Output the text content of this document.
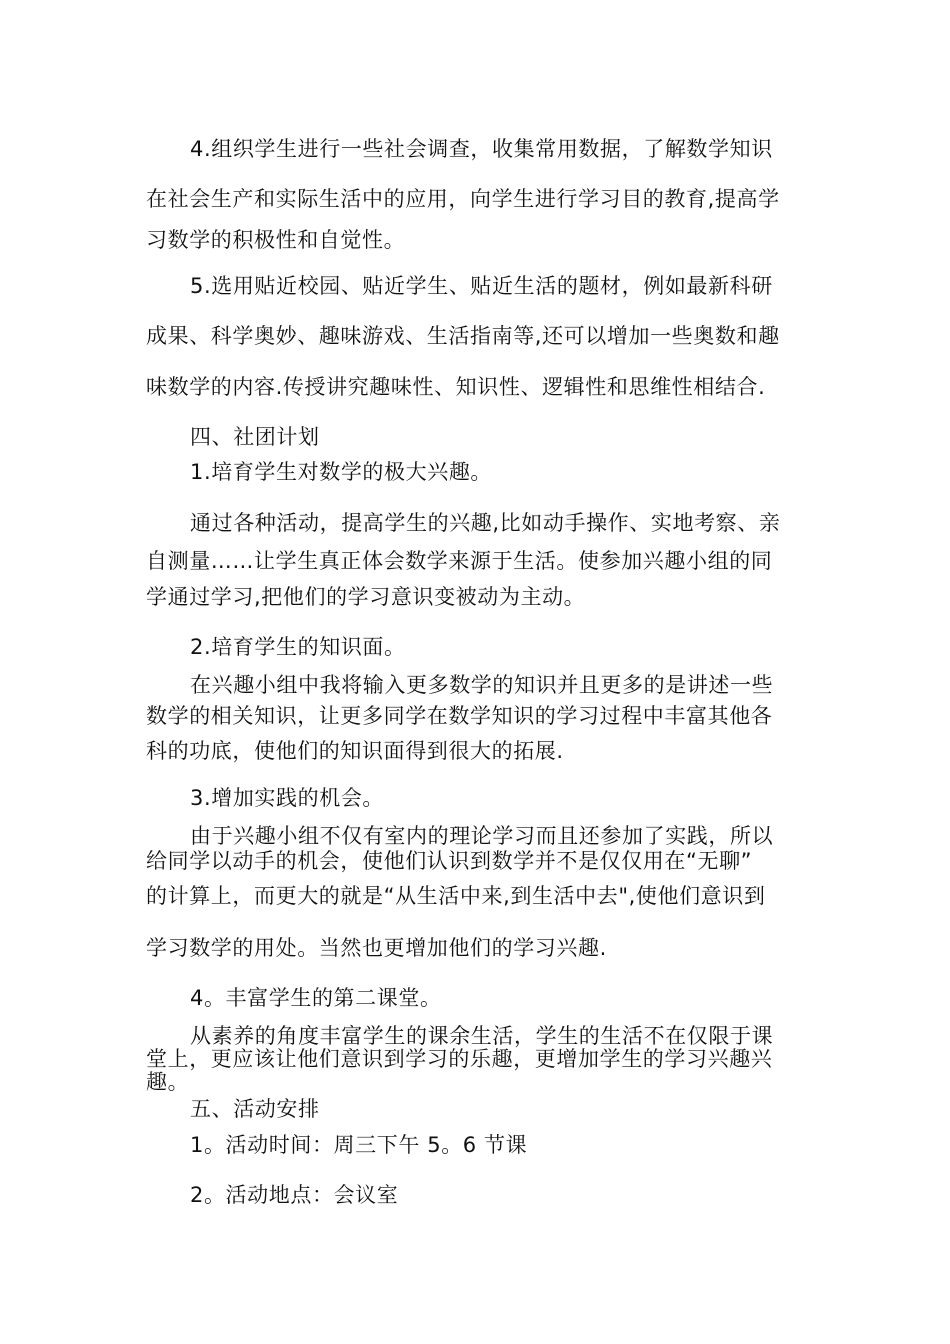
4.组织学生进行一些社会调查，收集常用数据，了解数学知识
在社会生产和实际生活中的应用，向学生进行学习目的教育,提高学
习数学的积极性和自觉性。
5.选用贴近校园、贴近学生、贴近生活的题材，例如最新科研
成果、科学奥妙、趣味游戏、生活指南等,还可以增加一些奥数和趣
味数学的内容.传授讲究趣味性、知识性、逻辑性和思维性相结合.
四、社团计划
1.培育学生对数学的极大兴趣。
通过各种活动，提高学生的兴趣,比如动手操作、实地考察、亲
自测量……让学生真正体会数学来源于生活。使参加兴趣小组的同
学通过学习,把他们的学习意识变被动为主动。
2.培育学生的知识面。
在兴趣小组中我将输入更多数学的知识并且更多的是讲述一些
数学的相关知识，让更多同学在数学知识的学习过程中丰富其他各
科的功底，使他们的知识面得到很大的拓展.
3.增加实践的机会。
由于兴趣小组不仅有室内的理论学习而且还参加了实践，所以
给同学以动手的机会，使他们认识到数学并不是仅仅用在“无聊”
的计算上，而更大的就是“从生活中来,到生活中去",使他们意识到
学习数学的用处。当然也更增加他们的学习兴趣.
4。丰富学生的第二课堂。
从素养的角度丰富学生的课余生活，学生的生活不在仅限于课
堂上，更应该让他们意识到学习的乐趣，更增加学生的学习兴趣兴
趣。
五、活动安排
1。活动时间：周三下午 5。6 节课
2。活动地点：会议室
